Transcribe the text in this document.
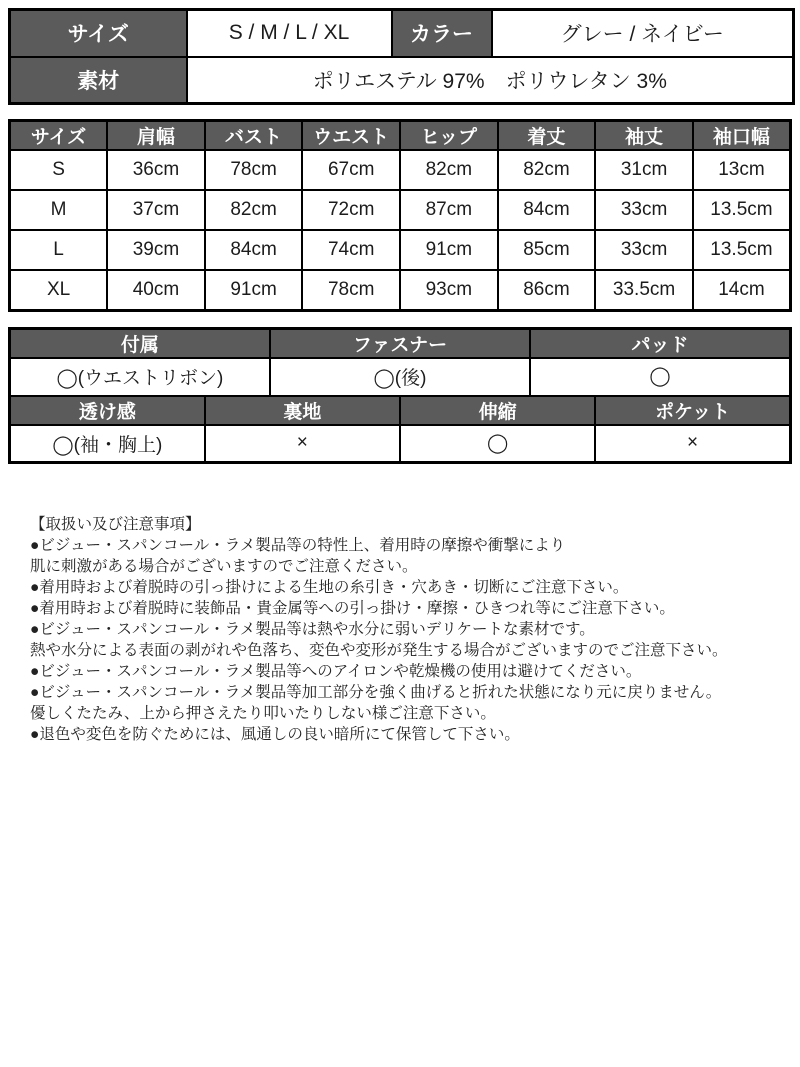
サイズ	S / M / L / XL	カラー	グレー / ネイビー
素材	ポリエステル 97%　ポリウレタン 3%		
サイズ	肩幅	バスト	ウエスト	ヒップ	着丈	袖丈	袖口幅
S	36cm	78cm	67cm	82cm	82cm	31cm	13cm
M	37cm	82cm	72cm	87cm	84cm	33cm	13.5cm
L	39cm	84cm	74cm	91cm	85cm	33cm	13.5cm
XL	40cm	91cm	78cm	93cm	86cm	33.5cm	14cm
付属		ファスナー		パッド	
◯(ウエストリボン)		◯(後)		◯	
透け感	裏地		伸縮		ポケット
◯(袖・胸上)	×		◯		×

【取扱い及び注意事項】

●ビジュー・スパンコール・ラメ製品等の特性上、着用時の摩擦や衝撃により

肌に刺激がある場合がございますのでご注意ください。

●着用時および着脱時の引っ掛けによる生地の糸引き・穴あき・切断にご注意下さい。

●着用時および着脱時に装飾品・貴金属等への引っ掛け・摩擦・ひきつれ等にご注意下さい。

●ビジュー・スパンコール・ラメ製品等は熱や水分に弱いデリケートな素材です。

熱や水分による表面の剥がれや色落ち、変色や変形が発生する場合がございますのでご注意下さい。

●ビジュー・スパンコール・ラメ製品等へのアイロンや乾燥機の使用は避けてください。

●ビジュー・スパンコール・ラメ製品等加工部分を強く曲げると折れた状態になり元に戻りません。

優しくたたみ、上から押さえたり叩いたりしない様ご注意下さい。

●退色や変色を防ぐためには、風通しの良い暗所にて保管して下さい。
